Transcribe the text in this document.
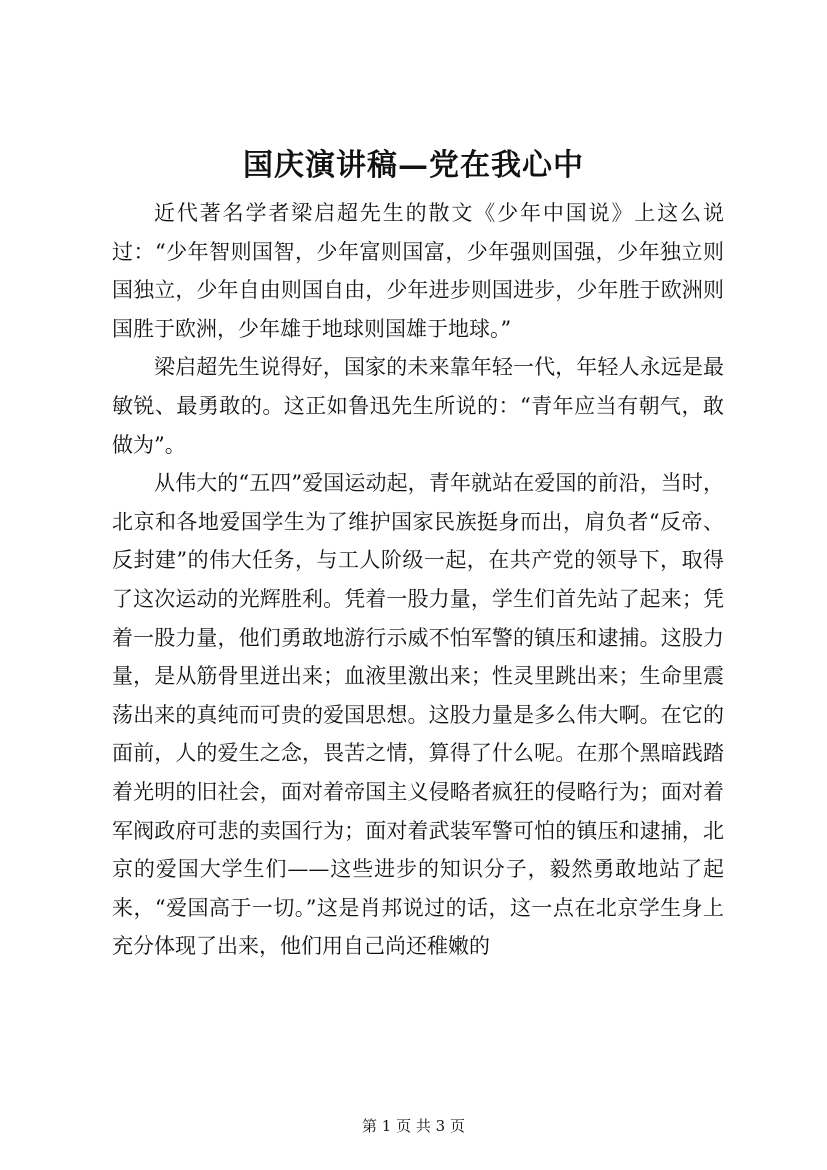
国庆演讲稿—党在我心中

近代著名学者梁启超先生的散文《少年中国说》上这么说过：“少年智则国智，少年富则国富，少年强则国强，少年独立则国独立，少年自由则国自由，少年进步则国进步，少年胜于欧洲则国胜于欧洲，少年雄于地球则国雄于地球。”

梁启超先生说得好，国家的未来靠年轻一代，年轻人永远是最敏锐、最勇敢的。这正如鲁迅先生所说的：“青年应当有朝气，敢做为”。

从伟大的“五四”爱国运动起，青年就站在爱国的前沿，当时，北京和各地爱国学生为了维护国家民族挺身而出，肩负者“反帝、反封建”的伟大任务，与工人阶级一起，在共产党的领导下，取得了这次运动的光辉胜利。凭着一股力量，学生们首先站了起来；凭着一股力量，他们勇敢地游行示威不怕军警的镇压和逮捕。这股力量，是从筋骨里迸出来；血液里激出来；性灵里跳出来；生命里震荡出来的真纯而可贵的爱国思想。这股力量是多么伟大啊。在它的面前，人的爱生之念，畏苦之情，算得了什么呢。在那个黑暗践踏着光明的旧社会，面对着帝国主义侵略者疯狂的侵略行为；面对着军阀政府可悲的卖国行为；面对着武装军警可怕的镇压和逮捕，北京的爱国大学生们——这些进步的知识分子，毅然勇敢地站了起来，“爱国高于一切。”这是肖邦说过的话，这一点在北京学生身上充分体现了出来，他们用自己尚还稚嫩的

第 1 页 共 3 页
